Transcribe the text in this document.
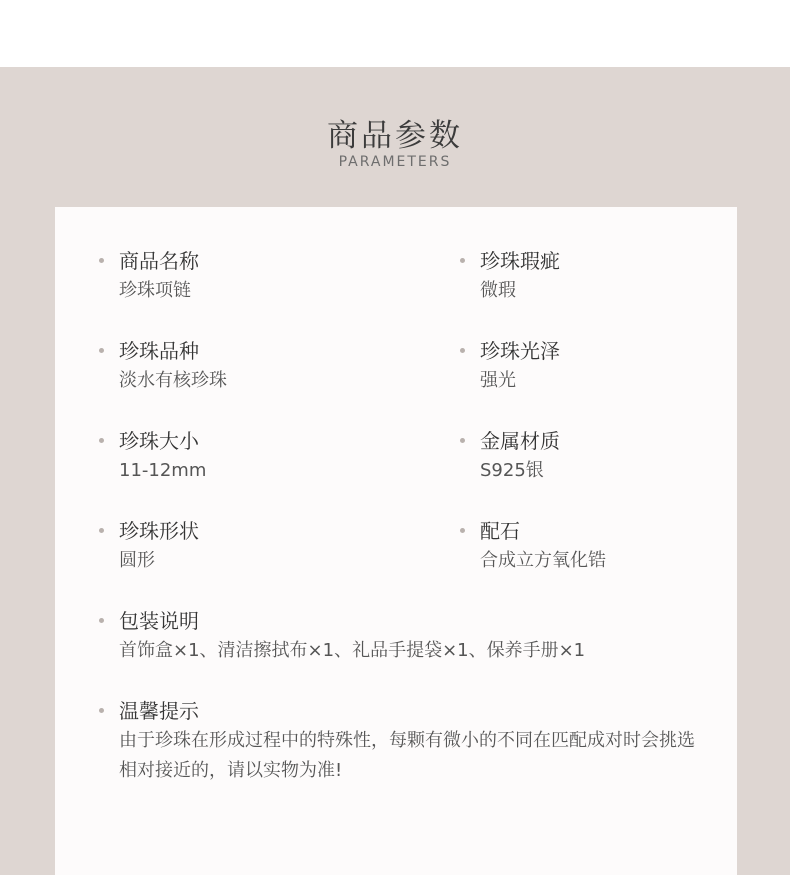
商品参数
PARAMETERS
商品名称
珍珠项链
珍珠瑕疵
微瑕
珍珠品种
淡水有核珍珠
珍珠光泽
强光
珍珠大小
11-12mm
金属材质
S925银
珍珠形状
圆形
配石
合成立方氧化锆
包装说明
首饰盒×1、清洁擦拭布×1、礼品手提袋×1、保养手册×1
温馨提示
由于珍珠在形成过程中的特殊性，每颗有微小的不同在匹配成对时会挑选相对接近的，请以实物为准!
